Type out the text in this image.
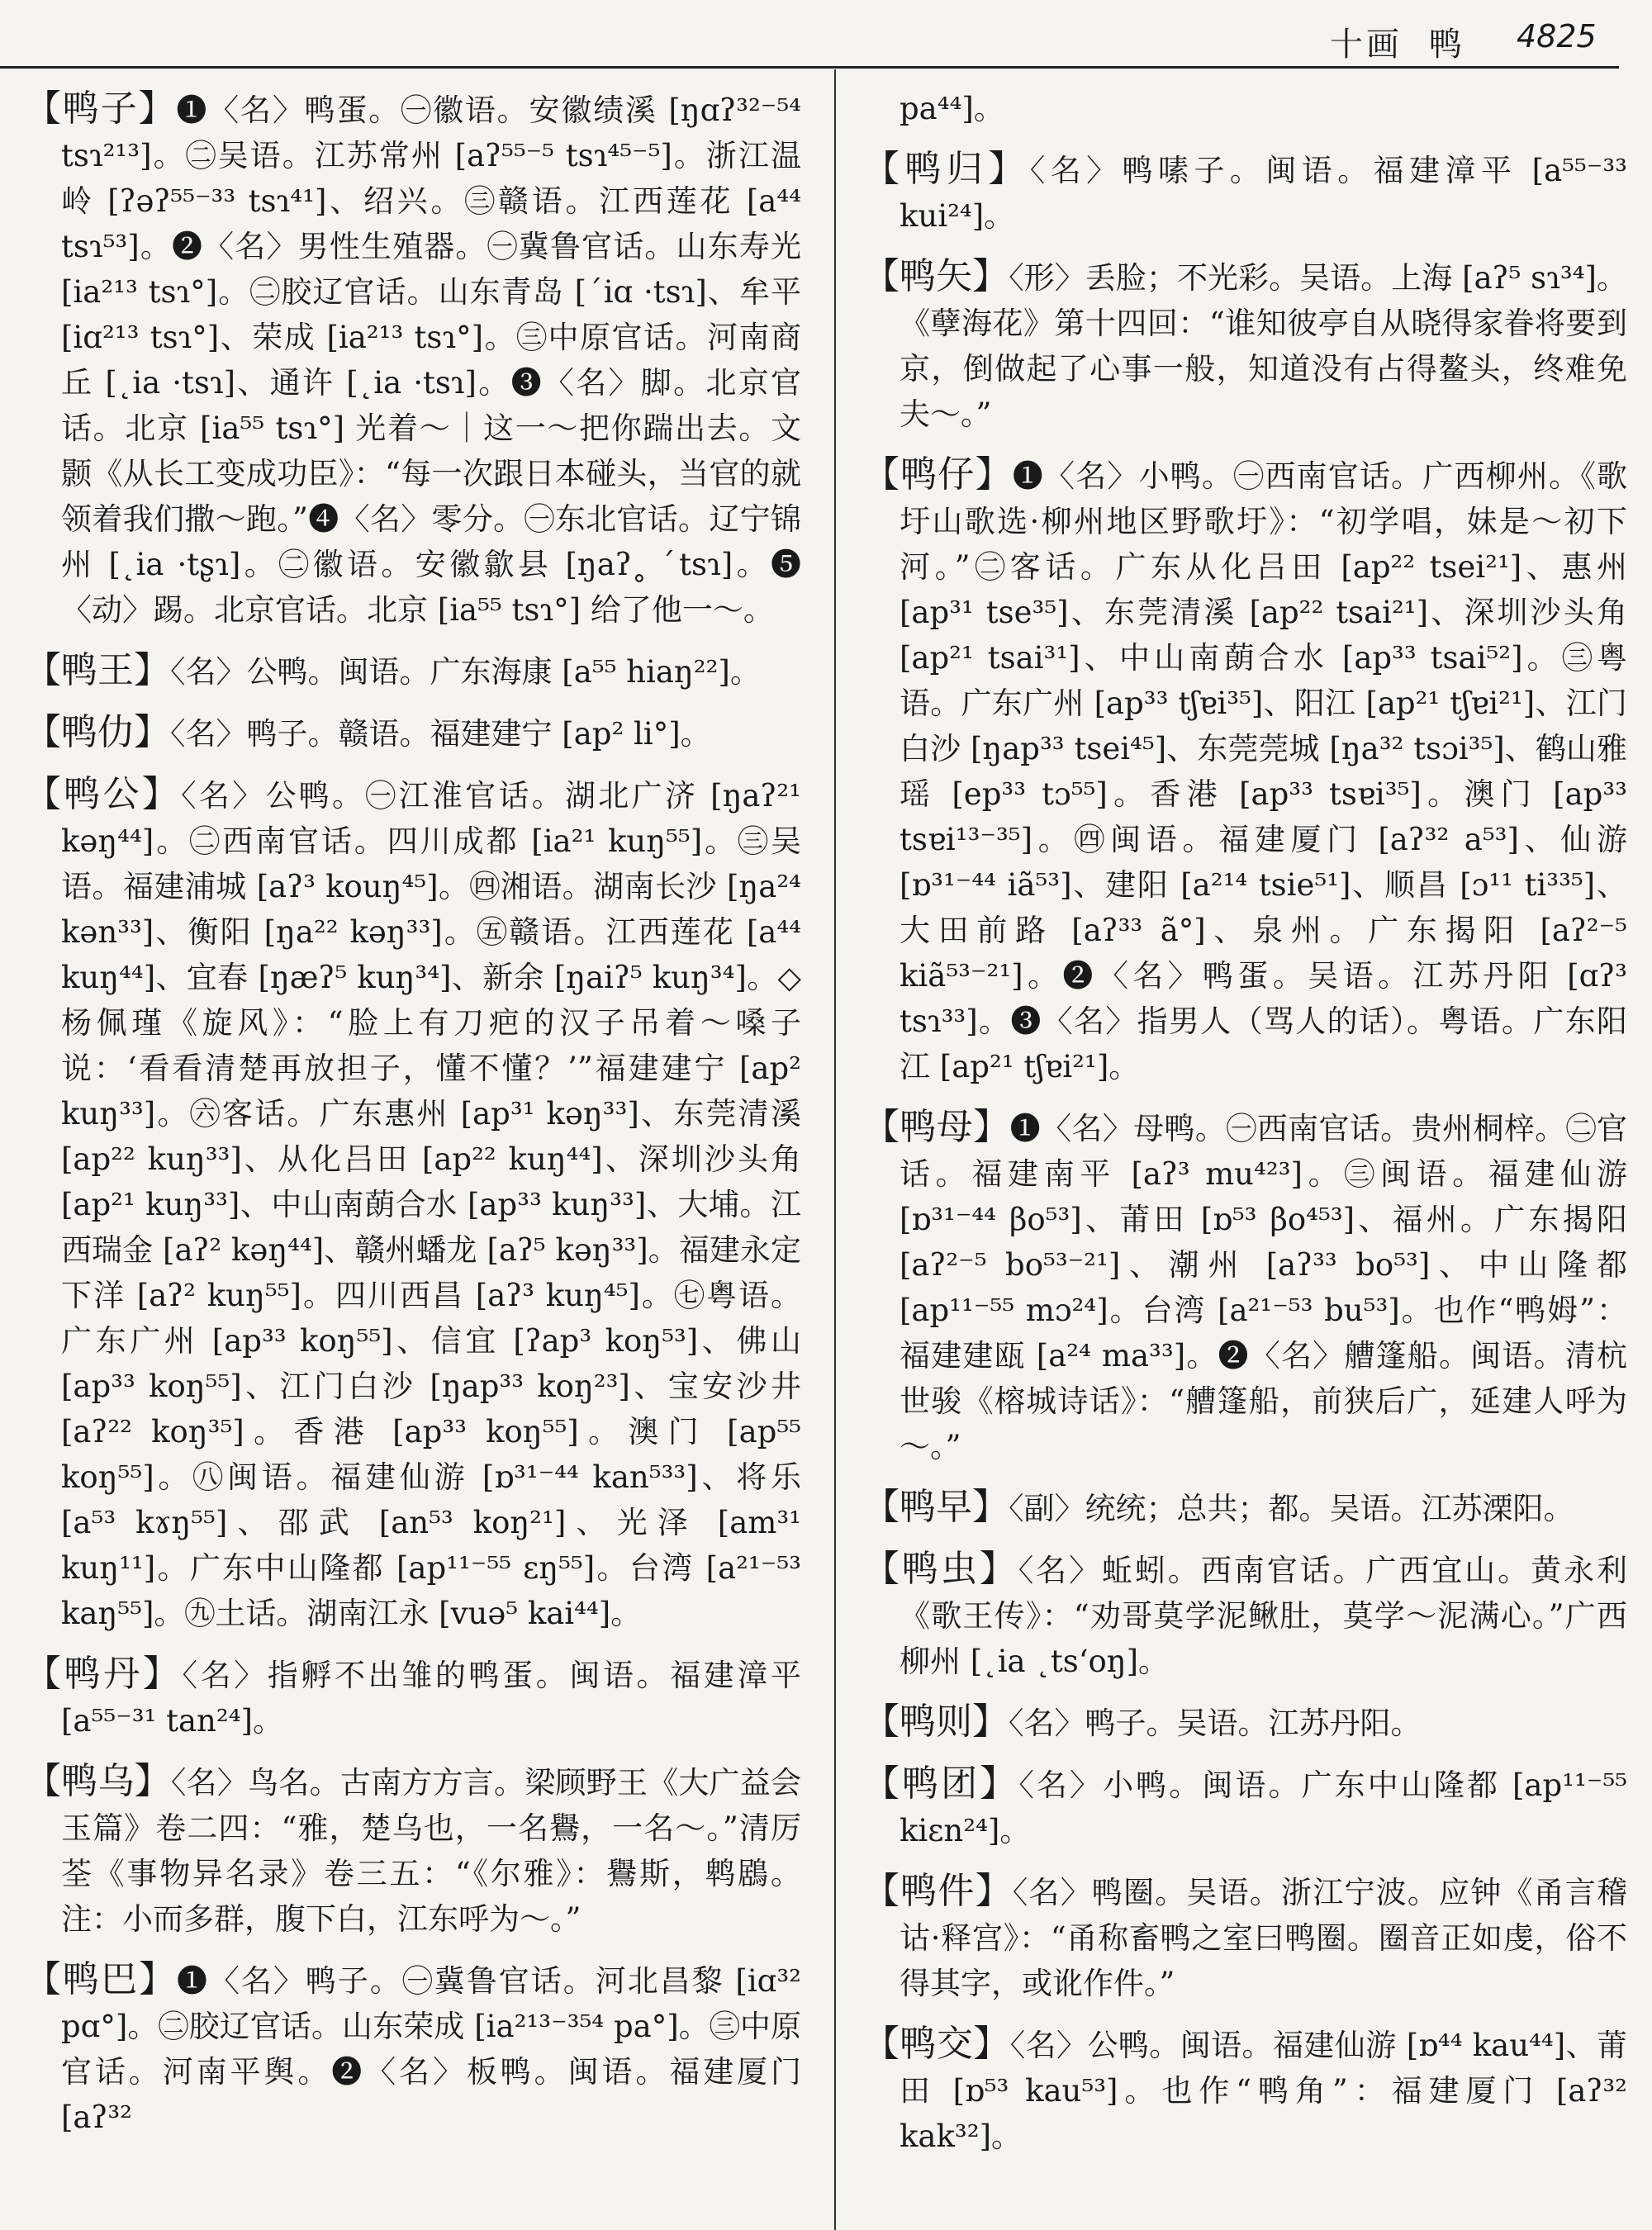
十画 鸭 4825
【鸭子】❶〈名〉鸭蛋。㊀徽语。安徽绩溪 [ŋɑʔ³²⁻⁵⁴ tsɿ²¹³]。㊁吴语。江苏常州 [aʔ⁵⁵⁻⁵ tsɿ⁴⁵⁻⁵]。浙江温岭 [ʔəʔ⁵⁵⁻³³ tsɿ⁴¹]、绍兴。㊂赣语。江西莲花 [a⁴⁴ tsɿ⁵³]。❷〈名〉男性生殖器。㊀冀鲁官话。山东寿光 [ia²¹³ tsɿ°]。㊁胶辽官话。山东青岛 [ˊiɑ ·tsɿ]、牟平 [iɑ²¹³ tsɿ°]、荣成 [ia²¹³ tsɿ°]。㊂中原官话。河南商丘 [˛ia ·tsɿ]、通许 [˛ia ·tsɿ]。❸〈名〉脚。北京官话。北京 [ia⁵⁵ tsɿ°] 光着～｜这一～把你踹出去。文颢《从长工变成功臣》：“每一次跟日本碰头，当官的就领着我们撒～跑。”❹〈名〉零分。㊀东北官话。辽宁锦州 [˛ia ·tʂɿ]。㊁徽语。安徽歙县 [ŋaʔ˳ ˊtsɿ]。❺〈动〉踢。北京官话。北京 [ia⁵⁵ tsɿ°] 给了他一～。
【鸭王】〈名〉公鸭。闽语。广东海康 [a⁵⁵ hiaŋ²²]。
【鸭仂】〈名〉鸭子。赣语。福建建宁 [ap² li°]。
【鸭公】〈名〉公鸭。㊀江淮官话。湖北广济 [ŋaʔ²¹ kəŋ⁴⁴]。㊁西南官话。四川成都 [ia²¹ kuŋ⁵⁵]。㊂吴语。福建浦城 [aʔ³ kouŋ⁴⁵]。㊃湘语。湖南长沙 [ŋa²⁴ kən³³]、衡阳 [ŋa²² kəŋ³³]。㊄赣语。江西莲花 [a⁴⁴ kuŋ⁴⁴]、宜春 [ŋæʔ⁵ kuŋ³⁴]、新余 [ŋaiʔ⁵ kuŋ³⁴]。◇杨佩瑾《旋风》：“脸上有刀疤的汉子吊着～嗓子说：‘看看清楚再放担子，懂不懂？’”福建建宁 [ap² kuŋ³³]。㊅客话。广东惠州 [ap³¹ kəŋ³³]、东莞清溪 [ap²² kuŋ³³]、从化吕田 [ap²² kuŋ⁴⁴]、深圳沙头角 [ap²¹ kuŋ³³]、中山南蓢合水 [ap³³ kuŋ³³]、大埔。江西瑞金 [aʔ² kəŋ⁴⁴]、赣州蟠龙 [aʔ⁵ kəŋ³³]。福建永定下洋 [aʔ² kuŋ⁵⁵]。四川西昌 [aʔ³ kuŋ⁴⁵]。㊆粤语。广东广州 [ap³³ koŋ⁵⁵]、信宜 [ʔap³ koŋ⁵³]、佛山 [ap³³ koŋ⁵⁵]、江门白沙 [ŋap³³ koŋ²³]、宝安沙井 [aʔ²² koŋ³⁵]。香港 [ap³³ koŋ⁵⁵]。澳门 [ap⁵⁵ koŋ⁵⁵]。㊇闽语。福建仙游 [ɒ³¹⁻⁴⁴ kan⁵³³]、将乐 [a⁵³ kɤŋ⁵⁵]、邵武 [an⁵³ koŋ²¹]、光泽 [am³¹ kuŋ¹¹]。广东中山隆都 [ap¹¹⁻⁵⁵ ɛŋ⁵⁵]。台湾 [a²¹⁻⁵³ kaŋ⁵⁵]。㊈土话。湖南江永 [vuə⁵ kai⁴⁴]。
【鸭丹】〈名〉指孵不出雏的鸭蛋。闽语。福建漳平 [a⁵⁵⁻³¹ tan²⁴]。
【鸭乌】〈名〉鸟名。古南方方言。梁顾野王《大广益会玉篇》卷二四：“雅，楚乌也，一名鸒，一名～。”清厉荃《事物异名录》卷三五：“《尔雅》：鸒斯，鹎鶋。注：小而多群，腹下白，江东呼为～。”
【鸭巴】❶〈名〉鸭子。㊀冀鲁官话。河北昌黎 [iɑ³² pɑ°]。㊁胶辽官话。山东荣成 [ia²¹³⁻³⁵⁴ pa°]。㊂中原官话。河南平舆。❷〈名〉板鸭。闽语。福建厦门 [aʔ³²
pa⁴⁴]。
【鸭归】〈名〉鸭嗉子。闽语。福建漳平 [a⁵⁵⁻³³ kui²⁴]。
【鸭矢】〈形〉丢脸；不光彩。吴语。上海 [aʔ⁵ sɿ³⁴]。《孽海花》第十四回：“谁知彼亭自从晓得家眷将要到京，倒做起了心事一般，知道没有占得鳌头，终难免夫～。”
【鸭仔】❶〈名〉小鸭。㊀西南官话。广西柳州。《歌圩山歌选·柳州地区野歌圩》：“初学唱，妹是～初下河。”㊁客话。广东从化吕田 [ap²² tsei²¹]、惠州 [ap³¹ tse³⁵]、东莞清溪 [ap²² tsai²¹]、深圳沙头角 [ap²¹ tsai³¹]、中山南蓢合水 [ap³³ tsai⁵²]。㊂粤语。广东广州 [ap³³ tʃɐi³⁵]、阳江 [ap²¹ tʃɐi²¹]、江门白沙 [ŋap³³ tsei⁴⁵]、东莞莞城 [ŋa³² tsɔi³⁵]、鹤山雅瑶 [ep³³ tɔ⁵⁵]。香港 [ap³³ tsɐi³⁵]。澳门 [ap³³ tsɐi¹³⁻³⁵]。㊃闽语。福建厦门 [aʔ³² a⁵³]、仙游 [ɒ³¹⁻⁴⁴ iã⁵³]、建阳 [a²¹⁴ tsie⁵¹]、顺昌 [ɔ¹¹ ti³³⁵]、大田前路 [aʔ³³ ã°]、泉州。广东揭阳 [aʔ²⁻⁵ kiã⁵³⁻²¹]。❷〈名〉鸭蛋。吴语。江苏丹阳 [ɑʔ³ tsɿ³³]。❸〈名〉指男人（骂人的话）。粤语。广东阳江 [ap²¹ tʃɐi²¹]。
【鸭母】❶〈名〉母鸭。㊀西南官话。贵州桐梓。㊁官话。福建南平 [aʔ³ mu⁴²³]。㊂闽语。福建仙游 [ɒ³¹⁻⁴⁴ βo⁵³]、莆田 [ɒ⁵³ βo⁴⁵³]、福州。广东揭阳 [aʔ²⁻⁵ bo⁵³⁻²¹]、潮州 [aʔ³³ bo⁵³]、中山隆都 [ap¹¹⁻⁵⁵ mɔ²⁴]。台湾 [a²¹⁻⁵³ bu⁵³]。也作“鸭姆”：福建建瓯 [a²⁴ ma³³]。❷〈名〉艚篷船。闽语。清杭世骏《榕城诗话》：“艚篷船，前狭后广，延建人呼为～。”
【鸭早】〈副〉统统；总共；都。吴语。江苏溧阳。
【鸭虫】〈名〉蚯蚓。西南官话。广西宜山。黄永利《歌王传》：“劝哥莫学泥鳅肚，莫学～泥满心。”广西柳州 [˛ia ˛tsʻoŋ]。
【鸭则】〈名〉鸭子。吴语。江苏丹阳。
【鸭团】〈名〉小鸭。闽语。广东中山隆都 [ap¹¹⁻⁵⁵ kiɛn²⁴]。
【鸭件】〈名〉鸭圈。吴语。浙江宁波。应钟《甬言稽诂·释宫》：“甬称畜鸭之室曰鸭圈。圈音正如虔，俗不得其字，或讹作件。”
【鸭交】〈名〉公鸭。闽语。福建仙游 [ɒ⁴⁴ kau⁴⁴]、莆田 [ɒ⁵³ kau⁵³]。也作“鸭角”：福建厦门 [aʔ³² kak³²]。
